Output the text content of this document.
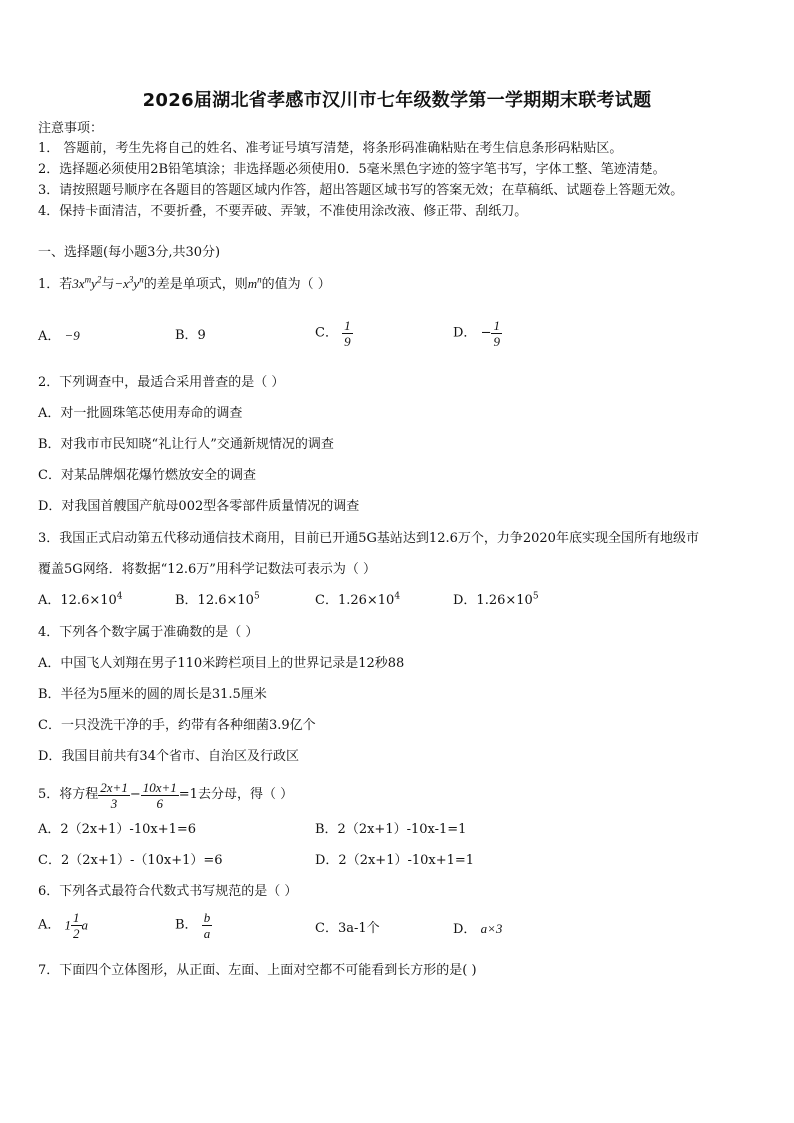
2026届湖北省孝感市汉川市七年级数学第一学期期末联考试题
注意事项：
1． 答题前，考生先将自己的姓名、准考证号填写清楚，将条形码准确粘贴在考生信息条形码粘贴区。
2．选择题必须使用2B铅笔填涂；非选择题必须使用0．5毫米黑色字迹的签字笔书写，字体工整、笔迹清楚。
3．请按照题号顺序在各题目的答题区域内作答，超出答题区域书写的答案无效；在草稿纸、试题卷上答题无效。
4．保持卡面清洁，不要折叠，不要弄破、弄皱，不准使用涂改液、修正带、刮纸刀。
一、选择题(每小题3分,共30分)
1．若$3x^my^2$与$-x^3y^n$的差是单项式，则$m^n$的值为（ ）
A． −9	B．9	C． $\frac{1}{9}$	D． − $\frac{1}{9}$
2．下列调查中，最适合采用普查的是（ ）
A．对一批圆珠笔芯使用寿命的调查
B．对我市市民知晓“礼让行人”交通新规情况的调查
C．对某品牌烟花爆竹燃放安全的调查
D．对我国首艘国产航母002型各零部件质量情况的调查
3．我国正式启动第五代移动通信技术商用，目前已开通5G基站达到12.6万个，力争2020年底实现全国所有地级市
覆盖5G网络．将数据“12.6万”用科学记数法可表示为（ ）
A．$12.6\times 10^4$	B．$12.6\times 10^5$	C．$1.26\times 10^4$	D．$1.26\times 10^5$
4．下列各个数字属于准确数的是（ ）
A．中国飞人刘翔在男子110米跨栏项目上的世界记录是12秒88
B．半径为5厘米的圆的周长是31.5厘米
C．一只没洗干净的手，约带有各种细菌3.9亿个
D．我国目前共有34个省市、自治区及行政区
5．将方程 $\frac{2x+1}{3} - \frac{10x+1}{6} =1$去分母，得（ ）
A．2（2x+1）-10x+1=6	B．2（2x+1）-10x-1=1
C．2（2x+1）-（10x+1）=6	D．2（2x+1）-10x+1=1
6．下列各式最符合代数式书写规范的是（ ）
A． $1 \frac{1}{2}$ a	B． $\frac{b}{a}$	C．3a-1个	D． a×3
7．下面四个立体图形，从正面、左面、上面对空都不可能看到长方形的是( )
